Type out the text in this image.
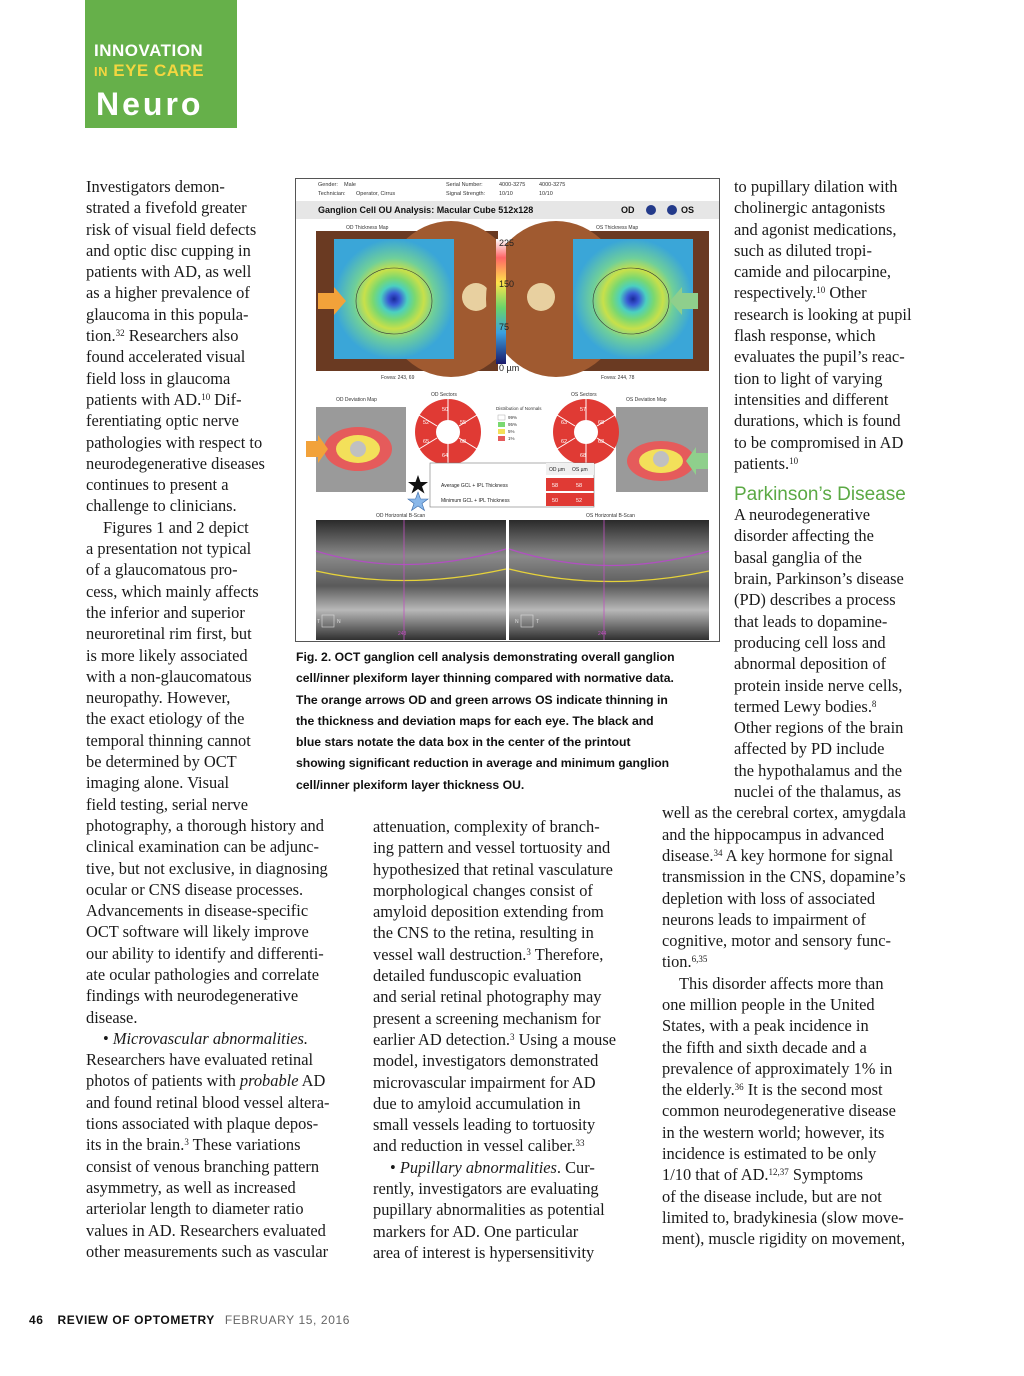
INNOVATION
IN EYE CARE
Neuro

Investigators demon-
strated a fivefold greater
risk of visual field defects
and optic disc cupping in
patients with AD, as well
as a higher prevalence of
glaucoma in this popula-
tion.$^{32}$ Researchers also
found accelerated visual
field loss in glaucoma
patients with AD.$^{10}$ Dif-
ferentiating optic nerve
pathologies with respect to
neurodegenerative diseases
continues to present a
challenge to clinicians.

Figures 1 and 2 depict
a presentation not typical
of a glaucomatous pro-
cess, which mainly affects
the inferior and superior
neuroretinal rim first, but
is more likely associated
with a non-glaucomatous
neuropathy. However,
the exact etiology of the
temporal thinning cannot
be determined by OCT
imaging alone. Visual
field testing, serial nerve
photography, a thorough history and
clinical examination can be adjunc-
tive, but not exclusive, in diagnosing
ocular or CNS disease processes.
Advancements in disease-specific
OCT software will likely improve
our ability to identify and differenti-
ate ocular pathologies and correlate
findings with neurodegenerative
disease.

• Microvascular abnormalities.
Researchers have evaluated retinal
photos of patients with probable AD
and found retinal blood vessel altera-
tions associated with plaque depos-
its in the brain.$^3$ These variations
consist of venous branching pattern
asymmetry, as well as increased
arteriolar length to diameter ratio
values in AD. Researchers evaluated
other measurements such as vascular

attenuation, complexity of branch-
ing pattern and vessel tortuosity and
hypothesized that retinal vasculature
morphological changes consist of
amyloid deposition extending from
the CNS to the retina, resulting in
vessel wall destruction.$^3$ Therefore,
detailed funduscopic evaluation
and serial retinal photography may
present a screening mechanism for
earlier AD detection.$^3$ Using a mouse
model, investigators demonstrated
microvascular impairment for AD
due to amyloid accumulation in
small vessels leading to tortuosity
and reduction in vessel caliber.$^{33}$

• Pupillary abnormalities. Cur-
rently, investigators are evaluating
pupillary abnormalities as potential
markers for AD. One particular
area of interest is hypersensitivity

to pupillary dilation with
cholinergic antagonists
and agonist medications,
such as diluted tropi-
camide and pilocarpine,
respectively.$^{10}$ Other
research is looking at pupil
flash response, which
evaluates the pupil’s reac-
tion to light of varying
intensities and different
durations, which is found
to be compromised in AD
patients.$^{10}$

Parkinson’s Disease

A neurodegenerative
disorder affecting the
basal ganglia of the
brain, Parkinson’s disease
(PD) describes a process
that leads to dopamine-
producing cell loss and
abnormal deposition of
protein inside nerve cells,
termed Lewy bodies.$^8$
Other regions of the brain
affected by PD include
the hypothalamus and the
nuclei of the thalamus, as
well as the cerebral cortex, amygdala
and the hippocampus in advanced
disease.$^{34}$ A key hormone for signal
transmission in the CNS, dopamine’s
depletion with loss of associated
neurons leads to impairment of
cognitive, motor and sensory func-
tion.$^{6,35}$

This disorder affects more than
one million people in the United
States, with a peak incidence in
the fifth and sixth decade and a
prevalence of approximately 1% in
the elderly.$^{36}$ It is the second most
common neurodegenerative disease
in the western world; however, its
incidence is estimated to be only
1/10 that of AD.$^{12,37}$ Symptoms
of the disease include, but are not
limited to, bradykinesia (slow move-
ment), muscle rigidity on movement,

Gender: Male
Technician: Operator, Cirrus
Serial Number:	4000-3275 4000-3275
Signal Strength:	10/10	10/10
Ganglion Cell OU Analysis: Macular Cube 512x128	OD	OS
OD Thickness Map	OS Thickness Map
225
150
75
0 µm
Fovea: 243, 69	Fovea: 244, 78
OD Deviation Map	OS Deviation Map
OD Sectors
50
55
68
64
65
52
OS Sectors
57
68
63
68
62
63
Distribution of Normals
99%
95%
5%
1%
OD µm OS µm
Average GCL + IPL Thickness	58	58
Minimum GCL + IPL Thickness	50	52
OD Horizontal B-Scan	OS Horizontal B-Scan
T	N	N	T
243	244
Fig. 2. OCT ganglion cell analysis demonstrating overall ganglion
cell/inner plexiform layer thinning compared with normative data.
The orange arrows OD and green arrows OS indicate thinning in
the thickness and deviation maps for each eye. The black and
blue stars notate the data box in the center of the printout
showing significant reduction in average and minimum ganglion
cell/inner plexiform layer thickness OU.
46 REVIEW OF OPTOMETRY FEBRUARY 15, 2016
